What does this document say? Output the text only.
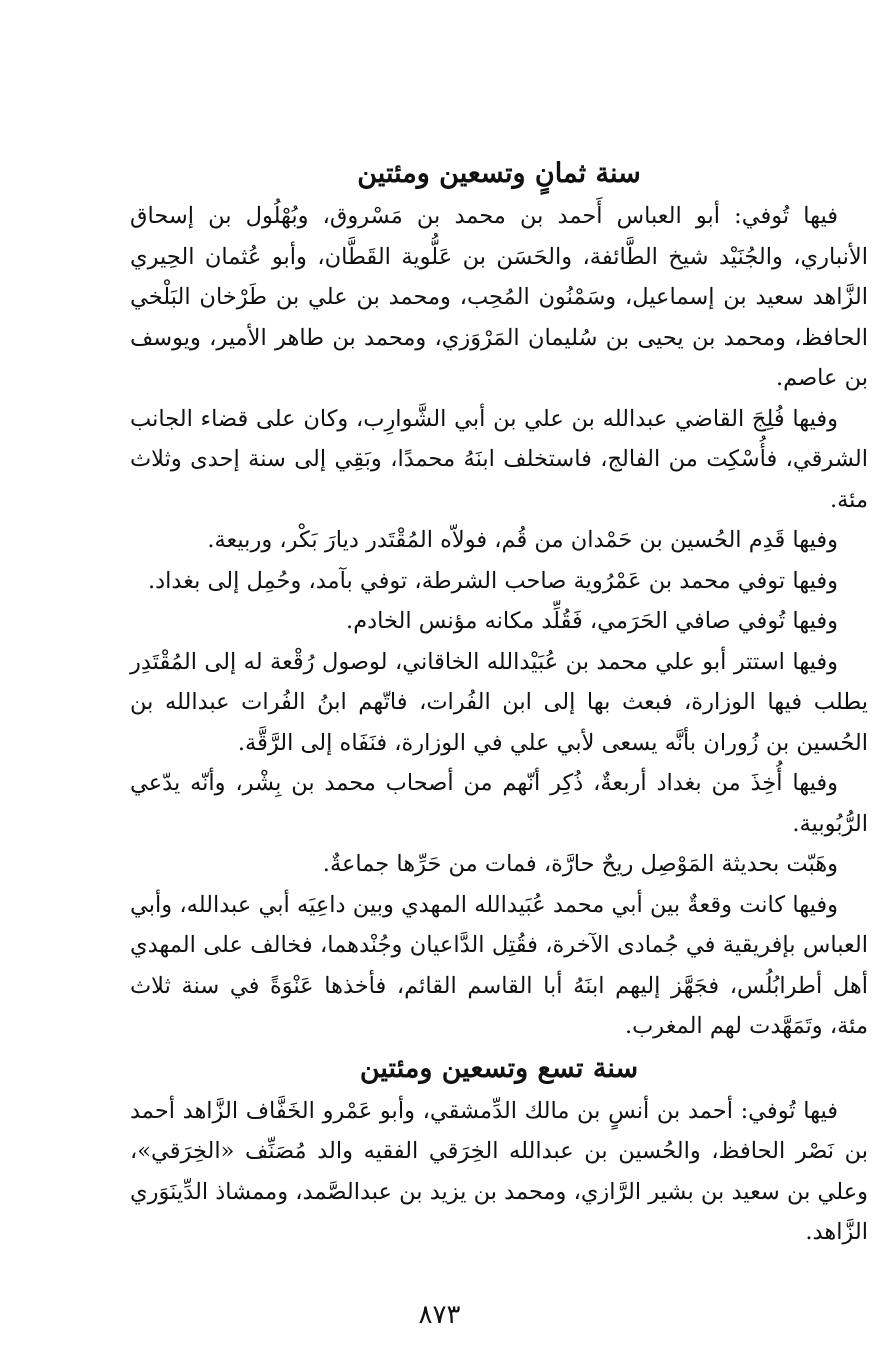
سنة ثمانٍ وتسعين ومئتين

فيها تُوفي: أبو العباس أَحمد بن محمد بن مَسْروق، وبُهْلُول بن إسحاق الأنباري، والجُنَيْد شيخ الطَّائفة، والحَسَن بن عَلُّوية القَطَّان، وأبو عُثمان الحِيري الزَّاهد سعيد بن إسماعيل، وسَمْنُون المُحِب، ومحمد بن علي بن طَرْخان البَلْخي الحافظ، ومحمد بن يحيى بن سُليمان المَرْوَزي، ومحمد بن طاهر الأمير، ويوسف بن عاصم.

وفيها فُلِجَ القاضي عبدالله بن علي بن أبي الشَّوارِب، وكان على قضاء الجانب الشرقي، فأُسْكِت من الفالج، فاستخلف ابنَهُ محمدًا، وبَقِي إلى سنة إحدى وثلاث مئة.

وفيها قَدِم الحُسين بن حَمْدان من قُم، فولاّه المُقْتَدر ديارَ بَكْر، وربيعة.

وفيها توفي محمد بن عَمْرُوية صاحب الشرطة، توفي بآمد، وحُمِل إلى بغداد.

وفيها تُوفي صافي الحَرَمي، فَقُلِّد مكانه مؤنس الخادم.

وفيها استتر أبو علي محمد بن عُبَيْدالله الخاقاني، لوصول رُقْعة له إلى المُقْتَدِر يطلب فيها الوزارة، فبعث بها إلى ابن الفُرات، فاتّهم ابنُ الفُرات عبدالله بن الحُسين بن زُوران بأنَّه يسعى لأبي علي في الوزارة، فنَفَاه إلى الرَّقَّة.

وفيها أُخِذَ من بغداد أربعةٌ، ذُكِر أنّهم من أصحاب محمد بن بِشْر، وأنّه يدّعي الرُّبُوبية.

وهَبّت بحديثة المَوْصِل ريحٌ حارَّة، فمات من حَرِّها جماعةٌ.

وفيها كانت وقعةٌ بين أبي محمد عُبَيدالله المهدي وبين داعِيَه أبي عبدالله، وأبي العباس بإفريقية في جُمادى الآخرة، فقُتِل الدَّاعيان وجُنْدهما، فخالف على المهدي أهل أطرابُلُس، فجَهَّز إليهم ابنَهُ أبا القاسم القائم، فأخذها عَنْوَةً في سنة ثلاث مئة، وتَمَهَّدت لهم المغرب.

سنة تسع وتسعين ومئتين

فيها تُوفي: أحمد بن أنسٍ بن مالك الدِّمشقي، وأبو عَمْرو الخَفَّاف الزَّاهد أحمد بن نَصْر الحافظ، والحُسين بن عبدالله الخِرَقي الفقيه والد مُصَنِّف «الخِرَقي»، وعلي بن سعيد بن بشير الرَّازي، ومحمد بن يزيد بن عبدالصَّمد، وممشاذ الدِّينَوَري الزَّاهد.

٨٧٣
